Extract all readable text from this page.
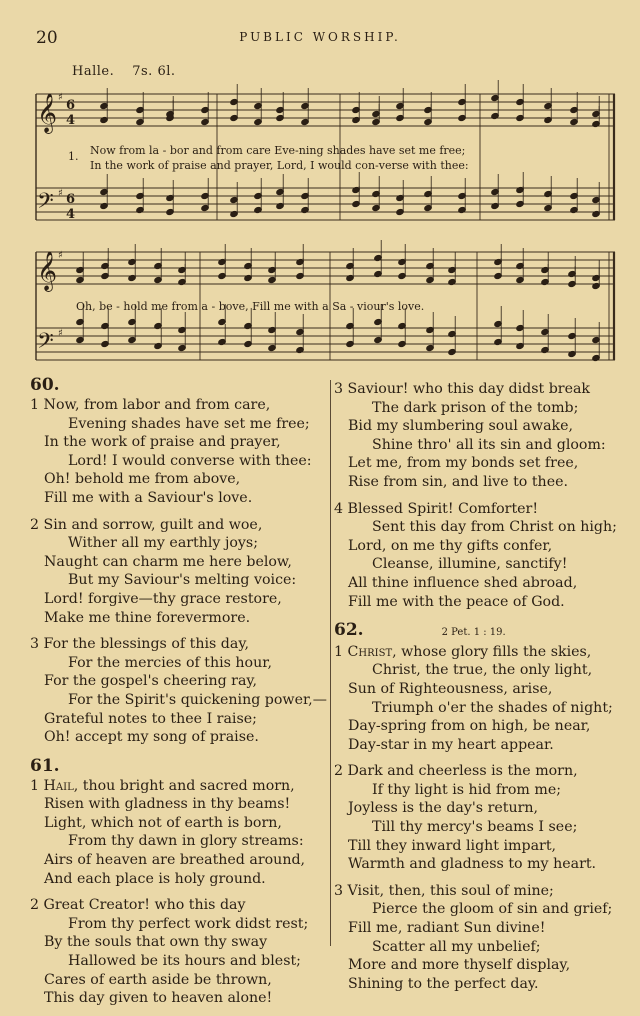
20	PUBLIC WORSHIP.
Halle. 7s. 6l.
𝄞
𝄢
𝄞
𝄢
♯
♯
♯
♯
6
4
6
4
1. Now from la - bor and from care Eve-ning shades have set me free;
In the work of praise and prayer, Lord, I would con-verse with thee:
Oh, be - hold me from a - bove, Fill me with a Sa - viour's love.
60.
1 Now, from labor and from care,
Evening shades have set me free;
In the work of praise and prayer,
Lord! I would converse with thee:
Oh! behold me from above,
Fill me with a Saviour's love.
2 Sin and sorrow, guilt and woe,
Wither all my earthly joys;
Naught can charm me here below,
But my Saviour's melting voice:
Lord! forgive—thy grace restore,
Make me thine forevermore.
3 For the blessings of this day,
For the mercies of this hour,
For the gospel's cheering ray,
For the Spirit's quickening power,—
Grateful notes to thee I raise;
Oh! accept my song of praise.
61.
1 Hail, thou bright and sacred morn,
Risen with gladness in thy beams!
Light, which not of earth is born,
From thy dawn in glory streams:
Airs of heaven are breathed around,
And each place is holy ground.
2 Great Creator! who this day
From thy perfect work didst rest;
By the souls that own thy sway
Hallowed be its hours and blest;
Cares of earth aside be thrown,
This day given to heaven alone!
3 Saviour! who this day didst break
The dark prison of the tomb;
Bid my slumbering soul awake,
Shine thro' all its sin and gloom:
Let me, from my bonds set free,
Rise from sin, and live to thee.
4 Blessed Spirit! Comforter!
Sent this day from Christ on high;
Lord, on me thy gifts confer,
Cleanse, illumine, sanctify!
All thine influence shed abroad,
Fill me with the peace of God.
62.	2 Pet. 1 : 19.
1 Christ, whose glory fills the skies,
Christ, the true, the only light,
Sun of Righteousness, arise,
Triumph o'er the shades of night;
Day-spring from on high, be near,
Day-star in my heart appear.
2 Dark and cheerless is the morn,
If thy light is hid from me;
Joyless is the day's return,
Till thy mercy's beams I see;
Till they inward light impart,
Warmth and gladness to my heart.
3 Visit, then, this soul of mine;
Pierce the gloom of sin and grief;
Fill me, radiant Sun divine!
Scatter all my unbelief;
More and more thyself display,
Shining to the perfect day.
